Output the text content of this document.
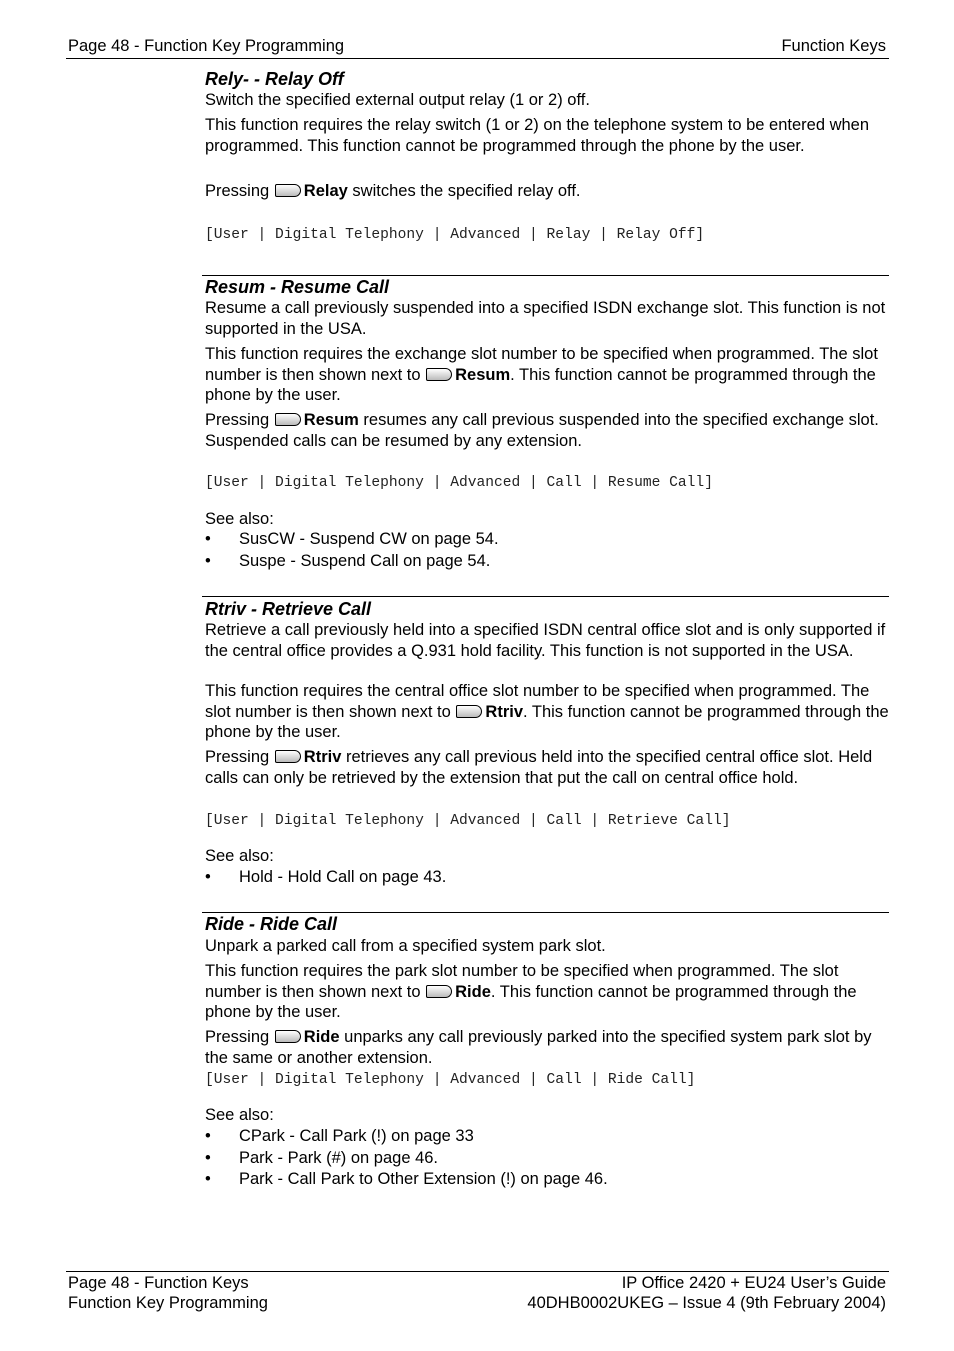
Page 48 - Function Key Programming	Function Keys
Rely- - Relay Off
Switch the specified external output relay (1 or 2) off.
This function requires the relay switch (1 or 2) on the telephone system to be entered when programmed. This function cannot be programmed through the phone by the user.
Pressing Relay switches the specified relay off.
[User | Digital Telephony | Advanced | Relay | Relay Off]
Resum - Resume Call
Resume a call previously suspended into a specified ISDN exchange slot. This function is not supported in the USA.
This function requires the exchange slot number to be specified when programmed. The slot number is then shown next to Resum. This function cannot be programmed through the phone by the user.
Pressing Resum resumes any call previous suspended into the specified exchange slot. Suspended calls can be resumed by any extension.
[User | Digital Telephony | Advanced | Call | Resume Call]
See also:
• SusCW - Suspend CW on page 54.
• Suspe - Suspend Call on page 54.
Rtriv - Retrieve Call
Retrieve a call previously held into a specified ISDN central office slot and is only supported if the central office provides a Q.931 hold facility. This function is not supported in the USA.
This function requires the central office slot number to be specified when programmed. The slot number is then shown next to Rtriv. This function cannot be programmed through the phone by the user.
Pressing Rtriv retrieves any call previous held into the specified central office slot. Held calls can only be retrieved by the extension that put the call on central office hold.
[User | Digital Telephony | Advanced | Call | Retrieve Call]
See also:
• Hold - Hold Call on page 43.
Ride - Ride Call
Unpark a parked call from a specified system park slot.
This function requires the park slot number to be specified when programmed. The slot number is then shown next to Ride. This function cannot be programmed through the phone by the user.
Pressing Ride unparks any call previously parked into the specified system park slot by the same or another extension.
[User | Digital Telephony | Advanced | Call | Ride Call]
See also:
• CPark - Call Park (!) on page 33
• Park - Park (#) on page 46.
• Park - Call Park to Other Extension (!) on page 46.
Page 48 - Function Keys
Function Key Programming
IP Office 2420 + EU24 User’s Guide
40DHB0002UKEG – Issue 4 (9th February 2004)
